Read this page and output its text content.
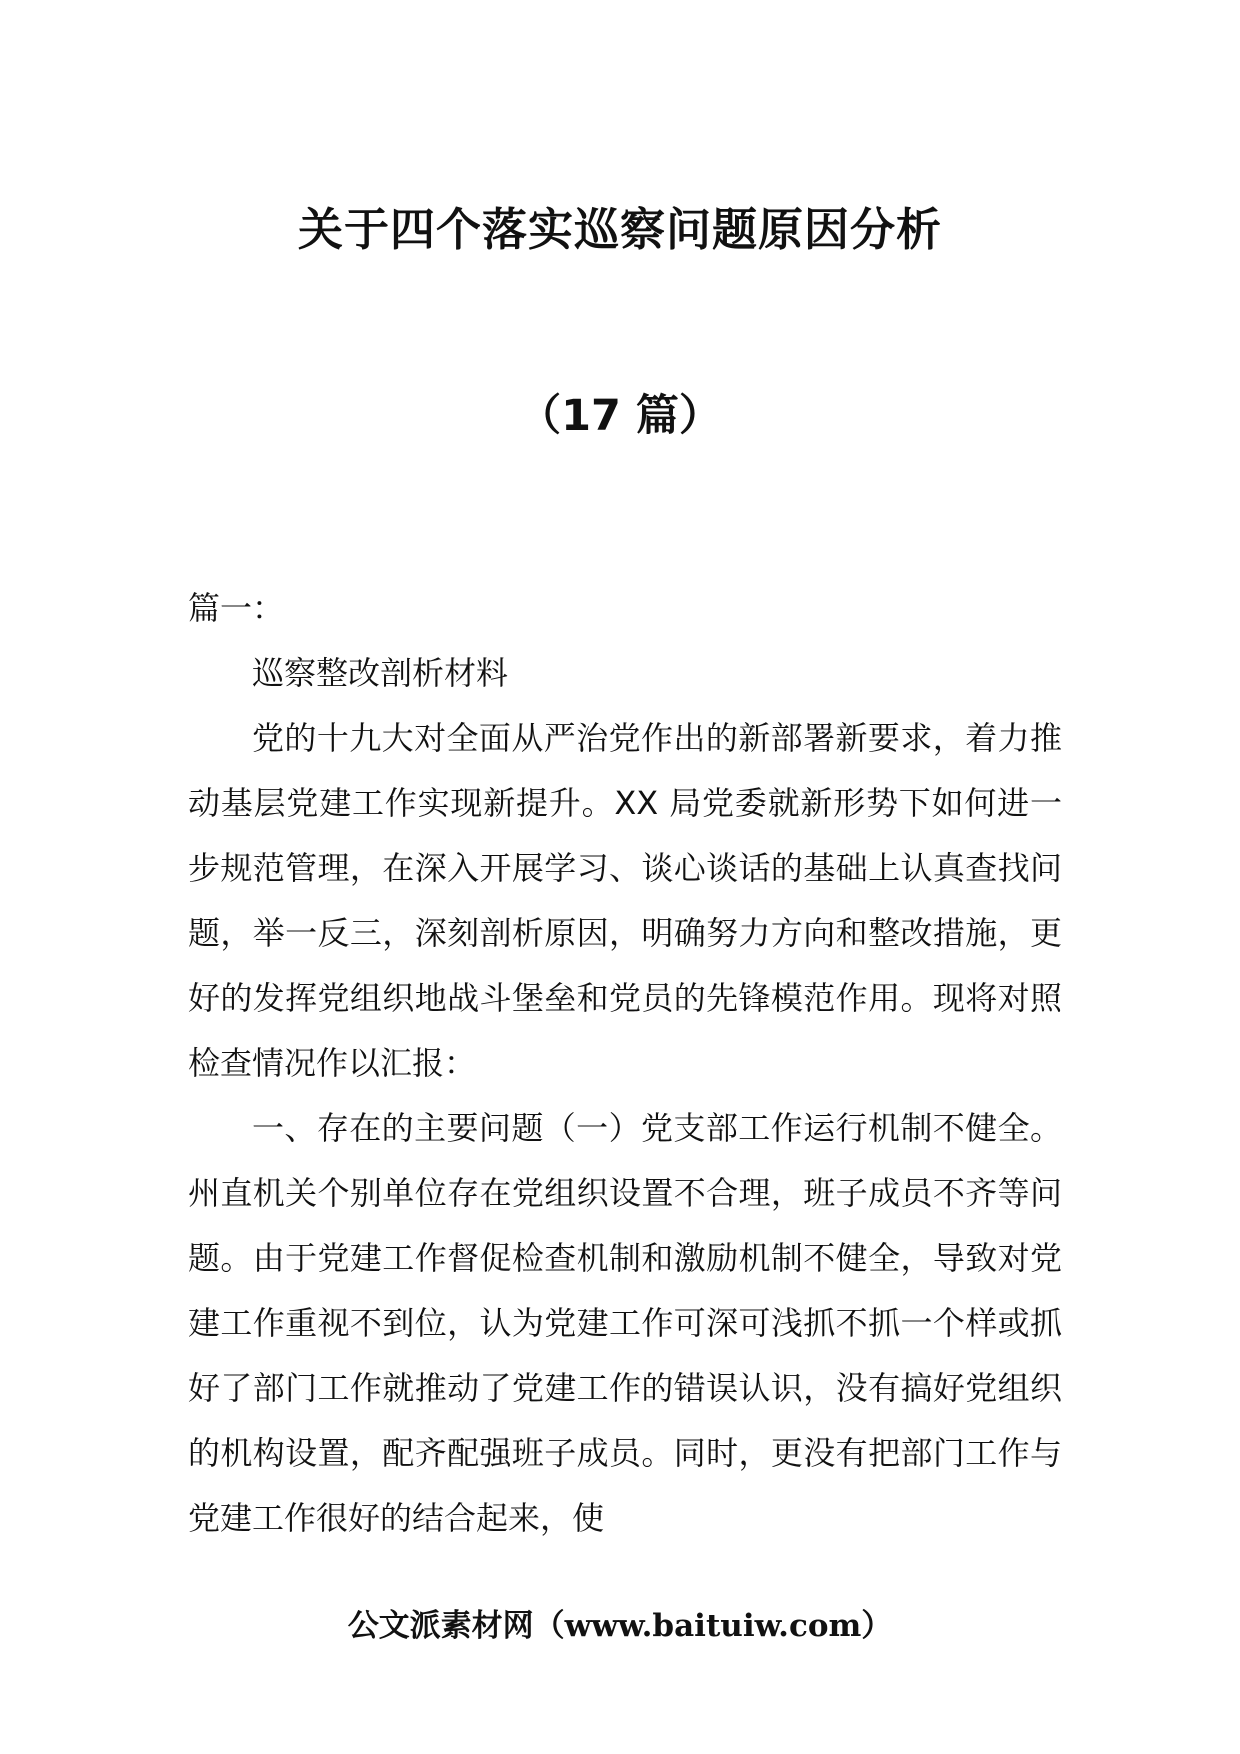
关于四个落实巡察问题原因分析
（17 篇）

篇一：

巡察整改剖析材料

党的十九大对全面从严治党作出的新部署新要求，着力推动基层党建工作实现新提升。XX 局党委就新形势下如何进一步规范管理，在深入开展学习、谈心谈话的基础上认真查找问题，举一反三，深刻剖析原因，明确努力方向和整改措施，更好的发挥党组织地战斗堡垒和党员的先锋模范作用。现将对照检查情况作以汇报：

一、存在的主要问题（一）党支部工作运行机制不健全。州直机关个别单位存在党组织设置不合理，班子成员不齐等问题。由于党建工作督促检查机制和激励机制不健全，导致对党建工作重视不到位，认为党建工作可深可浅抓不抓一个样或抓好了部门工作就推动了党建工作的错误认识，没有搞好党组织的机构设置，配齐配强班子成员。同时，更没有把部门工作与党建工作很好的结合起来，使

公文派素材网（www.baituiw.com）
